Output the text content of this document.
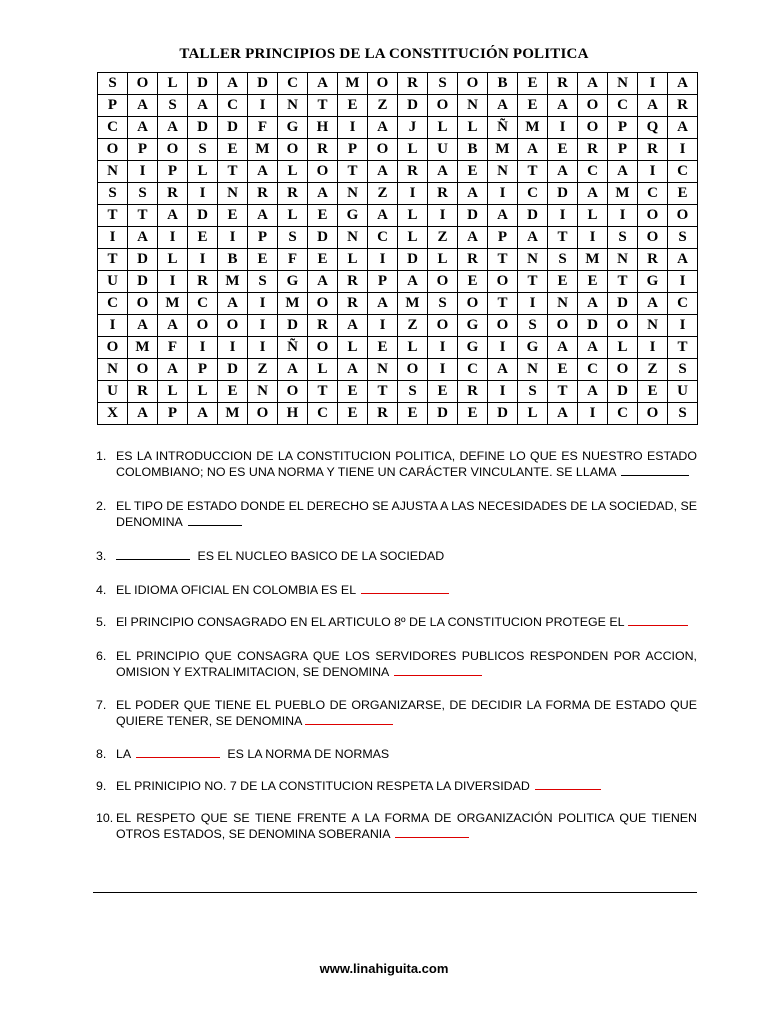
TALLER PRINCIPIOS DE LA CONSTITUCIÓN POLITICA
S	O	L	D	A	D	C	A	M	O	R	S	O	B	E	R	A	N	I	A
P	A	S	A	C	I	N	T	E	Z	D	O	N	A	E	A	O	C	A	R
C	A	A	D	D	F	G	H	I	A	J	L	L	Ñ	M	I	O	P	Q	A
O	P	O	S	E	M	O	R	P	O	L	U	B	M	A	E	R	P	R	I
N	I	P	L	T	A	L	O	T	A	R	A	E	N	T	A	C	A	I	C
S	S	R	I	N	R	R	A	N	Z	I	R	A	I	C	D	A	M	C	E
T	T	A	D	E	A	L	E	G	A	L	I	D	A	D	I	L	I	O	O
I	A	I	E	I	P	S	D	N	C	L	Z	A	P	A	T	I	S	O	S
T	D	L	I	B	E	F	E	L	I	D	L	R	T	N	S	M	N	R	A
U	D	I	R	M	S	G	A	R	P	A	O	E	O	T	E	E	T	G	I
C	O	M	C	A	I	M	O	R	A	M	S	O	T	I	N	A	D	A	C
I	A	A	O	O	I	D	R	A	I	Z	O	G	O	S	O	D	O	N	I
O	M	F	I	I	I	Ñ	O	L	E	L	I	G	I	G	A	A	L	I	T
N	O	A	P	D	Z	A	L	A	N	O	I	C	A	N	E	C	O	Z	S
U	R	L	L	E	N	O	T	E	T	S	E	R	I	S	T	A	D	E	U
X	A	P	A	M	O	H	C	E	R	E	D	E	D	L	A	I	C	O	S
1. ES LA INTRODUCCION DE LA CONSTITUCION POLITICA, DEFINE LO QUE ES NUESTRO ESTADO COLOMBIANO; NO ES UNA NORMA Y TIENE UN CARÁCTER VINCULANTE. SE LLAMA
2. EL TIPO DE ESTADO DONDE EL DERECHO SE AJUSTA A LAS NECESIDADES DE LA SOCIEDAD, SE DENOMINA
3.	ES EL NUCLEO BASICO DE LA SOCIEDAD
4. EL IDIOMA OFICIAL EN COLOMBIA ES EL
5. El PRINCIPIO CONSAGRADO EN EL ARTICULO 8º DE LA CONSTITUCION PROTEGE EL
6. EL PRINCIPIO QUE CONSAGRA QUE LOS SERVIDORES PUBLICOS RESPONDEN POR ACCION, OMISION Y EXTRALIMITACION, SE DENOMINA
7. EL PODER QUE TIENE EL PUEBLO DE ORGANIZARSE, DE DECIDIR LA FORMA DE ESTADO QUE QUIERE TENER, SE DENOMINA
8. LA	ES LA NORMA DE NORMAS
9. EL PRINICIPIO NO. 7 DE LA CONSTITUCION RESPETA LA DIVERSIDAD
10. EL RESPETO QUE SE TIENE FRENTE A LA FORMA DE ORGANIZACIÓN POLITICA QUE TIENEN OTROS ESTADOS, SE DENOMINA SOBERANIA
www.linahiguita.com
